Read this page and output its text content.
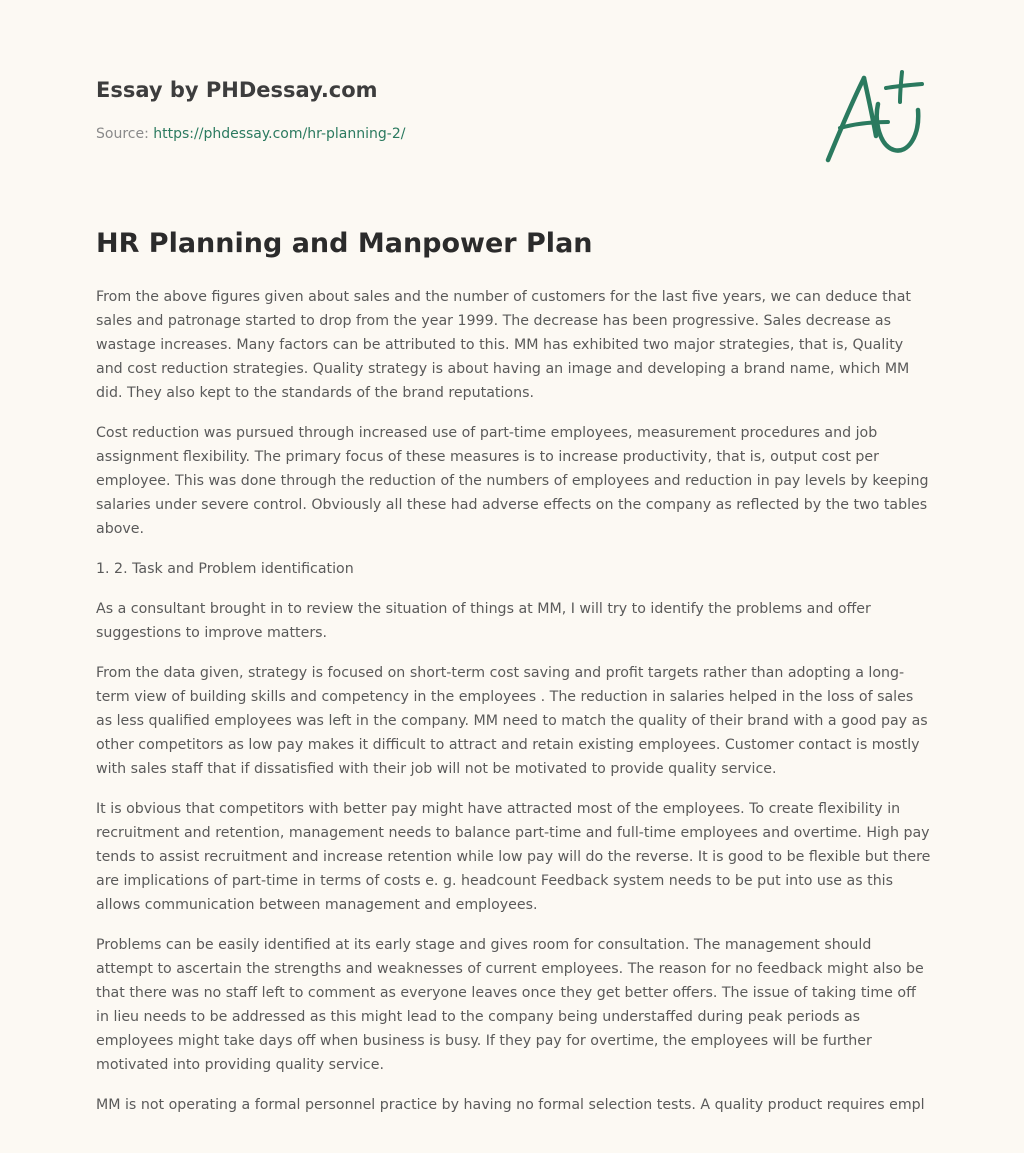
Essay by PHDessay.com
Source: https://phdessay.com/hr-planning-2/
HR Planning and Manpower Plan

From the above figures given about sales and the number of customers for the last five years, we can deduce that sales and patronage started to drop from the year 1999. The decrease has been progressive. Sales decrease as wastage increases. Many factors can be attributed to this. MM has exhibited two major strategies, that is, Quality and cost reduction strategies. Quality strategy is about having an image and developing a brand name, which MM did. They also kept to the standards of the brand reputations.

Cost reduction was pursued through increased use of part-time employees, measurement procedures and job assignment flexibility. The primary focus of these measures is to increase productivity, that is, output cost per employee. This was done through the reduction of the numbers of employees and reduction in pay levels by keeping salaries under severe control. Obviously all these had adverse effects on the company as reflected by the two tables above.

1. 2. Task and Problem identification

As a consultant brought in to review the situation of things at MM, I will try to identify the problems and offer suggestions to improve matters.

From the data given, strategy is focused on short-term cost saving and profit targets rather than adopting a long-term view of building skills and competency in the employees . The reduction in salaries helped in the loss of sales as less qualified employees was left in the company. MM need to match the quality of their brand with a good pay as other competitors as low pay makes it difficult to attract and retain existing employees. Customer contact is mostly with sales staff that if dissatisfied with their job will not be motivated to provide quality service.

It is obvious that competitors with better pay might have attracted most of the employees. To create flexibility in recruitment and retention, management needs to balance part-time and full-time employees and overtime. High pay tends to assist recruitment and increase retention while low pay will do the reverse. It is good to be flexible but there are implications of part-time in terms of costs e. g. headcount Feedback system needs to be put into use as this allows communication between management and employees.

Problems can be easily identified at its early stage and gives room for consultation. The management should attempt to ascertain the strengths and weaknesses of current employees. The reason for no feedback might also be that there was no staff left to comment as everyone leaves once they get better offers. The issue of taking time off in lieu needs to be addressed as this might lead to the company being understaffed during peak periods as employees might take days off when business is busy. If they pay for overtime, the employees will be further motivated into providing quality service.

MM is not operating a formal personnel practice by having no formal selection tests. A quality product requires empl
